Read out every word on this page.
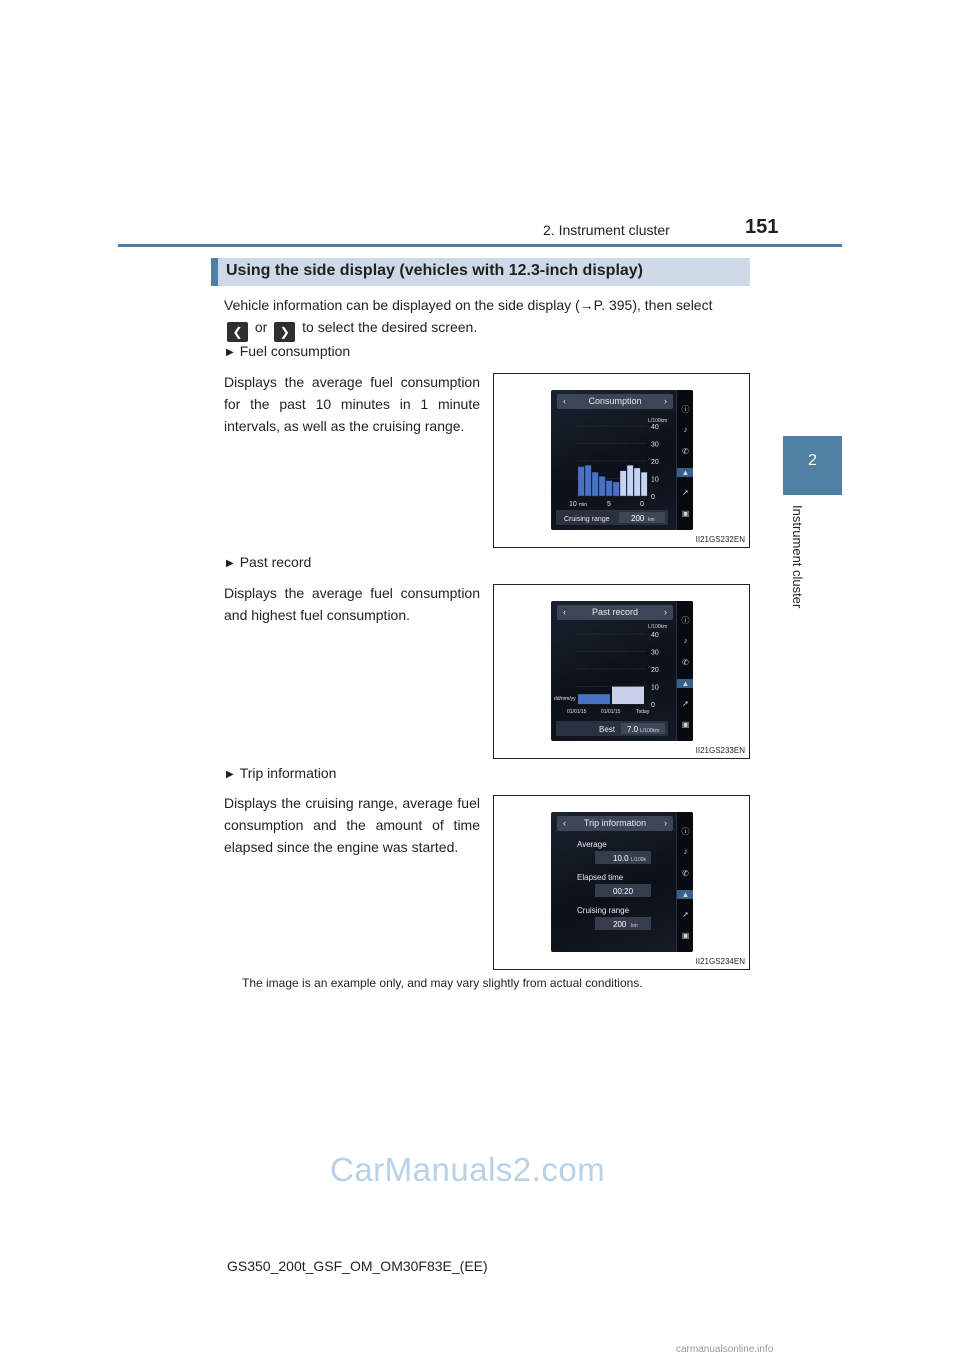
2. Instrument cluster	151
2
Instrument cluster
Using the side display (vehicles with 12.3-inch display)
Vehicle information can be displayed on the side display (→P. 395), then select
❮ or ❯ to select the desired screen.
▶ Fuel consumption
Displays the average fuel consumption for the past 10 minutes in 1 minute intervals, as well as the cruising range.
‹ Consumption ›
L/100km
40
30
20
10
0
10 min	5	0
Cruising range	200 km
ⓘ
♪
✆
▲
➚
▣
II21GS232EN
▶ Past record
Displays the average fuel consumption and highest fuel consumption.	‹	Past record	›
L/100km
40
30
20
10
0
dd/mm/yy
01/01/15	01/01/15	Today
Best 7.0 L/100km
ⓘ
♪
✆
▲
➚
▣
II21GS233EN
▶ Trip information
Displays the cruising range, average fuel consumption and the amount of time elapsed since the engine was started.
‹ Trip information ›
Average
10.0 L/100k
Elapsed time
00:20
Cruising range
200 km
ⓘ
♪
✆
▲
➚
▣
II21GS234EN
The image is an example only, and may vary slightly from actual conditions.
CarManuals2.com
GS350_200t_GSF_OM_OM30F83E_(EE)
carmanualsonline.info
